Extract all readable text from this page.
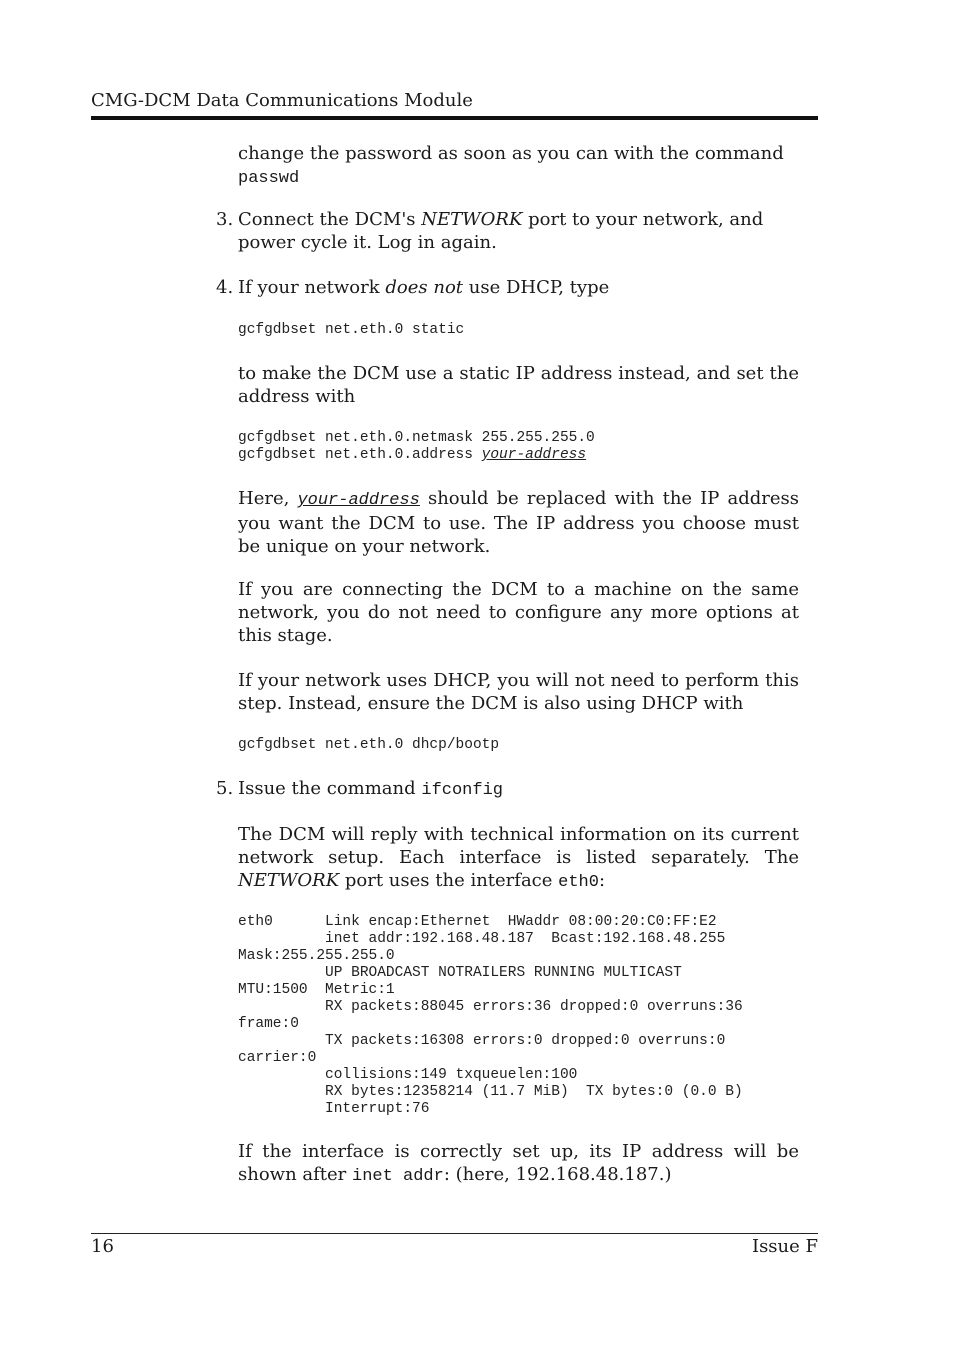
CMG-DCM Data Communications Module
change the password as soon as you can with the command
passwd
3. Connect the DCM's NETWORK port to your network, and power cycle it. Log in again.
4. If your network does not use DHCP, type
gcfgdbset net.eth.0 static
to make the DCM use a static IP address instead, and set the address with
gcfgdbset net.eth.0.netmask 255.255.255.0
gcfgdbset net.eth.0.address your-address
Here, your-address should be replaced with the IP address you want the DCM to use. The IP address you choose must be unique on your network.
If you are connecting the DCM to a machine on the same network, you do not need to configure any more options at this stage.
If your network uses DHCP, you will not need to perform this step. Instead, ensure the DCM is also using DHCP with
gcfgdbset net.eth.0 dhcp/bootp
5. Issue the command ifconfig
The DCM will reply with technical information on its current network setup. Each interface is listed separately. The NETWORK port uses the interface eth0:
eth0      Link encap:Ethernet  HWaddr 08:00:20:C0:FF:E2
inet addr:192.168.48.187  Bcast:192.168.48.255
Mask:255.255.255.0
UP BROADCAST NOTRAILERS RUNNING MULTICAST
MTU:1500  Metric:1
RX packets:88045 errors:36 dropped:0 overruns:36
frame:0
TX packets:16308 errors:0 dropped:0 overruns:0
carrier:0
collisions:149 txqueuelen:100
RX bytes:12358214 (11.7 MiB)  TX bytes:0 (0.0 B)
Interrupt:76
If the interface is correctly set up, its IP address will be shown after inet addr: (here, 192.168.48.187.)
16	Issue F
